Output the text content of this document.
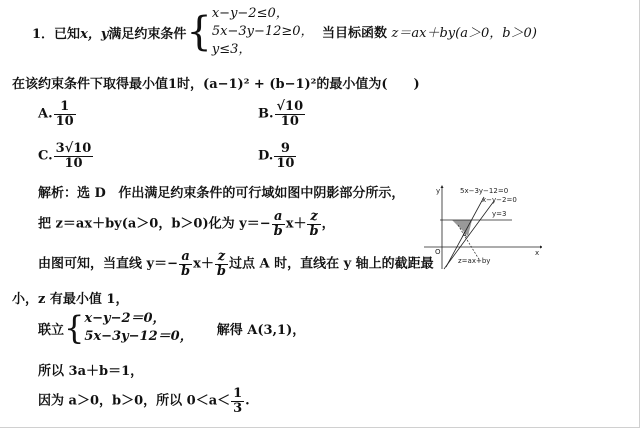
1． 已知 x，y 满足约束条件 { x−y−2≤0，
5x−3y−12≥0，
y≤3，
当目标函数 z＝ax＋by(a＞0，b＞0)
在该约束条件下取得最小值1时，(a−1)² + (b−1)²的最小值为(　　)
A. $\frac{1}{10}$	B. $\frac{√10}{10}$
C. $\frac{3√10}{10}$	D. $\frac{9}{10}$
解析：选 D 作出满足约束条件的可行域如图中阴影部分所示，
把 z＝ax＋by(a＞0，b＞0)化为 $y=- \frac{a}{b} x+ \frac{z}{b}$ ，
由图可知，当直线 $y=- \frac{a}{b} x+ \frac{z}{b}$ 过点 A 时，直线在 y 轴上的截距最
小，z 有最小值 1，
联立 { x−y−2＝0，
5x−3y−12＝0， 解得 A(3,1)，
所以 3a＋b＝1，
因为 a＞0，b＞0，所以 $0<a< \frac{1}{3}$ .
5x−3y−12=0
x−y−2=0
y=3
y
x
O
A
z=ax+by
